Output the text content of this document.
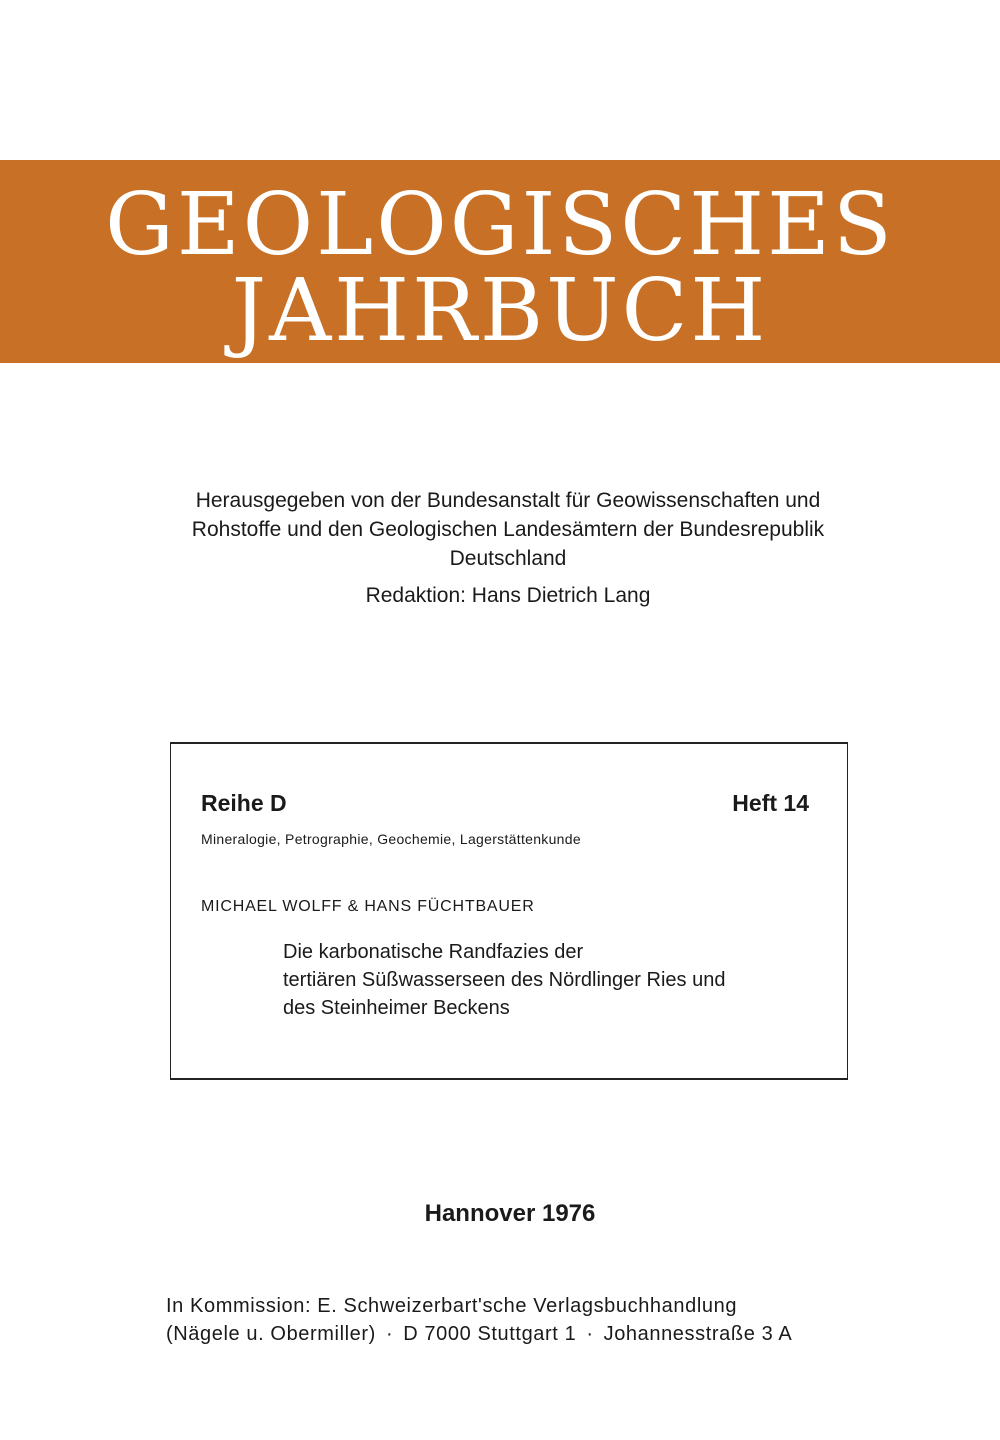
GEOLOGISCHES
JAHRBUCH
Herausgegeben von der Bundesanstalt für Geowissenschaften und
Rohstoffe und den Geologischen Landesämtern der Bundesrepublik
Deutschland
Redaktion: Hans Dietrich Lang
Reihe D	Heft 14
Mineralogie, Petrographie, Geochemie, Lagerstättenkunde
MICHAEL WOLFF & HANS FÜCHTBAUER
Die karbonatische Randfazies der
tertiären Süßwasserseen des Nördlinger Ries und
des Steinheimer Beckens
Hannover 1976
In Kommission: E. Schweizerbart'sche Verlagsbuchhandlung
(Nägele u. Obermiller) · D 7000 Stuttgart 1 · Johannesstraße 3 A
